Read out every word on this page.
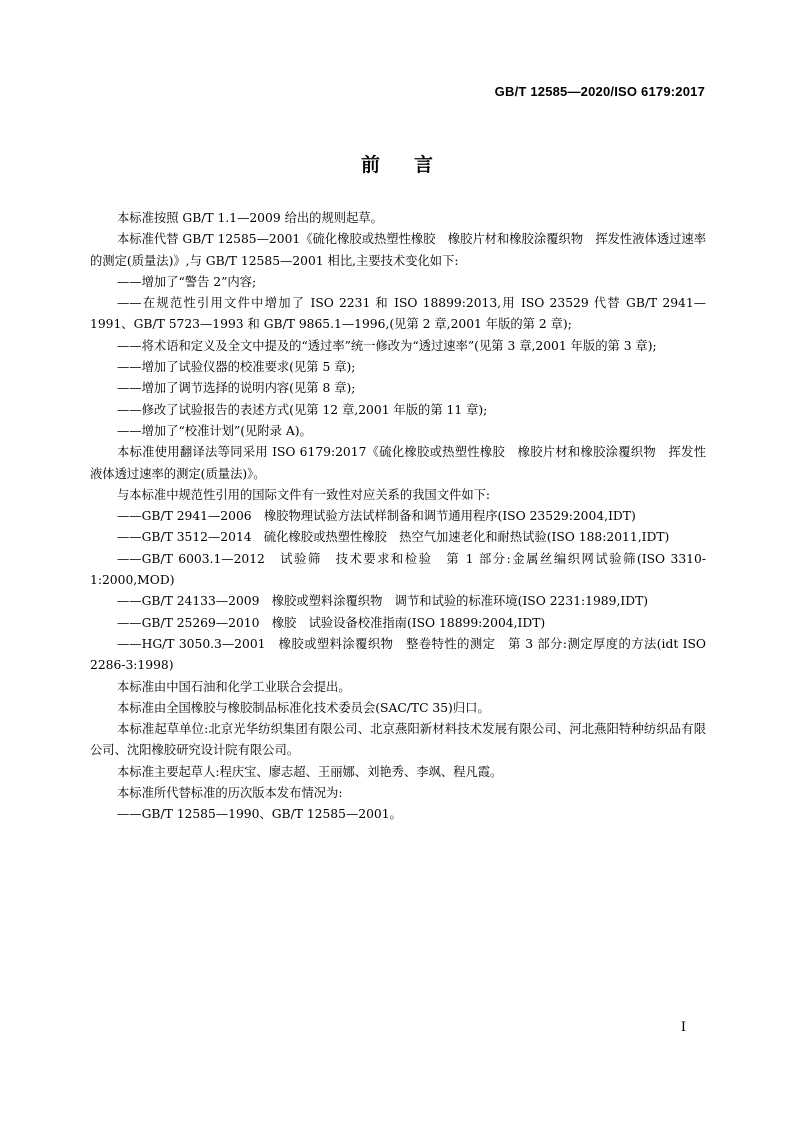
GB/T 12585—2020/ISO 6179:2017
前言

本标准按照 GB/T 1.1—2009 给出的规则起草。

本标准代替 GB/T 12585—2001《硫化橡胶或热塑性橡胶　橡胶片材和橡胶涂覆织物　挥发性液体透过速率的测定(质量法)》,与 GB/T 12585—2001 相比,主要技术变化如下:

——增加了“警告 2”内容;

——在规范性引用文件中增加了 ISO 2231 和 ISO 18899:2013,用 ISO 23529 代替 GB/T 2941—1991、GB/T 5723—1993 和 GB/T 9865.1—1996,(见第 2 章,2001 年版的第 2 章);

——将术语和定义及全文中提及的“透过率”统一修改为“透过速率”(见第 3 章,2001 年版的第 3 章);

——增加了试验仪器的校准要求(见第 5 章);

——增加了调节选择的说明内容(见第 8 章);

——修改了试验报告的表述方式(见第 12 章,2001 年版的第 11 章);

——增加了“校准计划”(见附录 A)。

本标准使用翻译法等同采用 ISO 6179:2017《硫化橡胶或热塑性橡胶　橡胶片材和橡胶涂覆织物　挥发性液体透过速率的测定(质量法)》。

与本标准中规范性引用的国际文件有一致性对应关系的我国文件如下:

——GB/T 2941—2006　橡胶物理试验方法试样制备和调节通用程序(ISO 23529:2004,IDT)

——GB/T 3512—2014　硫化橡胶或热塑性橡胶　热空气加速老化和耐热试验(ISO 188:2011,IDT)

——GB/T 6003.1—2012　试验筛　技术要求和检验　第 1 部分:金属丝编织网试验筛(ISO 3310-1:2000,MOD)

——GB/T 24133—2009　橡胶或塑料涂覆织物　调节和试验的标准环境(ISO 2231:1989,IDT)

——GB/T 25269—2010　橡胶　试验设备校准指南(ISO 18899:2004,IDT)

——HG/T 3050.3—2001　橡胶或塑料涂覆织物　整卷特性的测定　第 3 部分:测定厚度的方法(idt ISO 2286-3:1998)

本标准由中国石油和化学工业联合会提出。

本标准由全国橡胶与橡胶制品标准化技术委员会(SAC/TC 35)归口。

本标准起草单位:北京光华纺织集团有限公司、北京燕阳新材料技术发展有限公司、河北燕阳特种纺织品有限公司、沈阳橡胶研究设计院有限公司。

本标准主要起草人:程庆宝、廖志超、王丽娜、刘艳秀、李飒、程凡霞。

本标准所代替标准的历次版本发布情况为:

——GB/T 12585—1990、GB/T 12585—2001。

I
